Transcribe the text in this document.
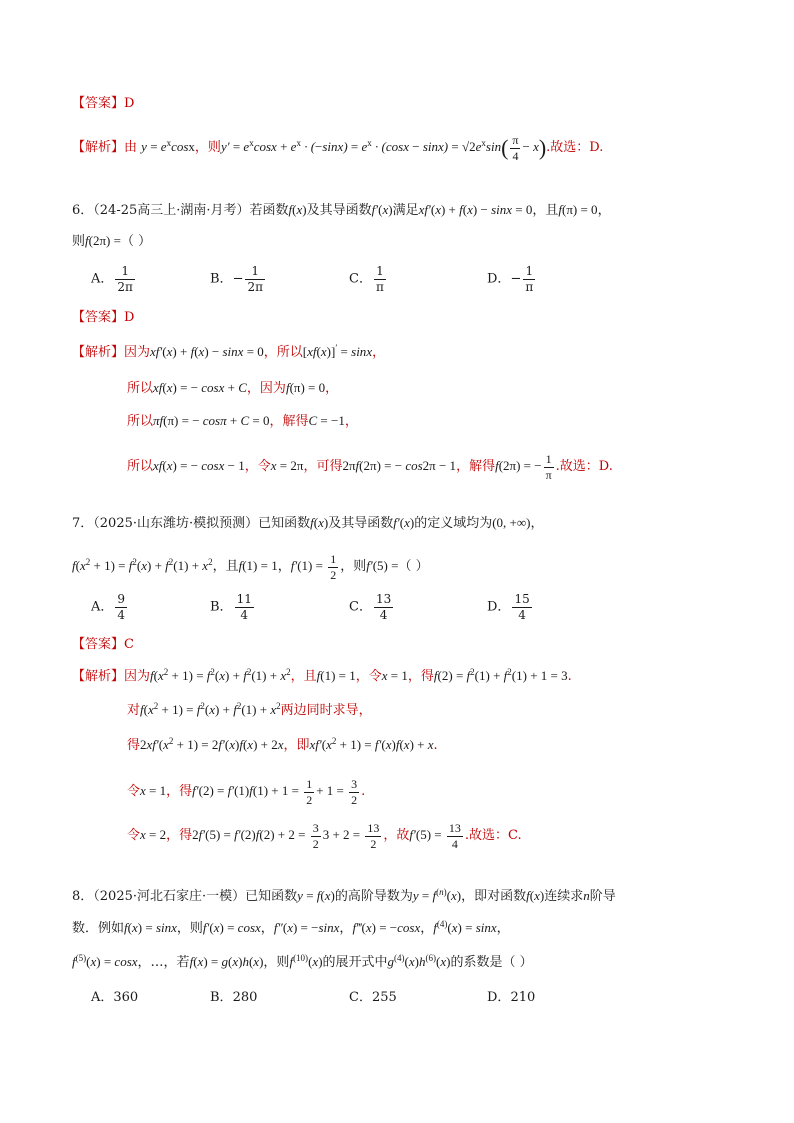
【答案】D
【解析】由 $y = e^x\cos x$，则$y' = e^x\cos x + e^x \cdot (-\sin x) = e^x \cdot (\cos x - \sin x) = √2e^x\sin( \frac{\pi}{4} - x)$.故选：D.
6．（24-25高三上·湖南·月考）若函数f(x)及其导函数f′(x)满足xf′(x) + f(x) − sinx = 0，且f(π) = 0，
则f(2π) =（ ）
A． $\frac{1}{2\pi}$	B．− $\frac{1}{2\pi}$	C． $\frac{1}{\pi}$	D．− $\frac{1}{\pi}$
【答案】D
【解析】因为xf′(x) + f(x) − sinx = 0，所以[xf(x)]′ = sinx，
所以xf(x) = − cosx + C，因为f(π) = 0，
所以πf(π) = − cosπ + C = 0，解得C = −1，
所以xf(x) = − cosx − 1，令x = 2π，可得2πf(2π) = − cos2π − 1，解得f(2π) = − $\frac{1}{\pi}$ .故选：D.
7．（2025·山东潍坊·模拟预测）已知函数f(x)及其导函数f′(x)的定义域均为(0, +∞)，
$f(x^2 + 1) = f^2(x) + f^2(1) + x^2$，且f(1) = 1，$f'(1) = \frac{1}{2}$ ，则f′(5) =（ ）
A． $\frac{9}{4}$	B． $\frac{11}{4}$	C． $\frac{13}{4}$	D． $\frac{15}{4}$
【答案】C
【解析】因为$f(x^2 + 1) = f^2(x) + f^2(1) + x^2$，且f(1) = 1，令x = 1，得$f(2) = f^2(1) + f^2(1) + 1 = 3$.
对$f(x^2 + 1) = f^2(x) + f^2(1) + x^2$两边同时求导，
得$2xf'(x^2 + 1) = 2f'(x)f(x) + 2x$，即$xf'(x^2 + 1) = f'(x)f(x) + x$.
令x = 1，得$f'(2) = f'(1)f(1) + 1 = \frac{1}{2} + 1 = \frac{3}{2}$ .
令x = 2，得$2f'(5) = f'(2)f(2) + 2 = \frac{3}{2} 3 + 2 = \frac{13}{2}$ ，故$f'(5) = \frac{13}{4}$ .故选：C.
8．（2025·河北石家庄·一模）已知函数y = f(x)的高阶导数为$y = f^{(n)}(x)$，即对函数f(x)连续求n阶导
数．例如f(x) = sinx，则f′(x) = cosx，f″(x) = −sinx，f‴(x) = −cosx，$f^{(4)}(x) = \sin x$，
$f^{(5)}(x) = \cos x$，…，若f(x) = g(x)h(x)，则$f^{(10)}(x)$的展开式中$g^{(4)}(x)h^{(6)}(x)$的系数是（ ）
A．360	B．280	C．255	D．210
